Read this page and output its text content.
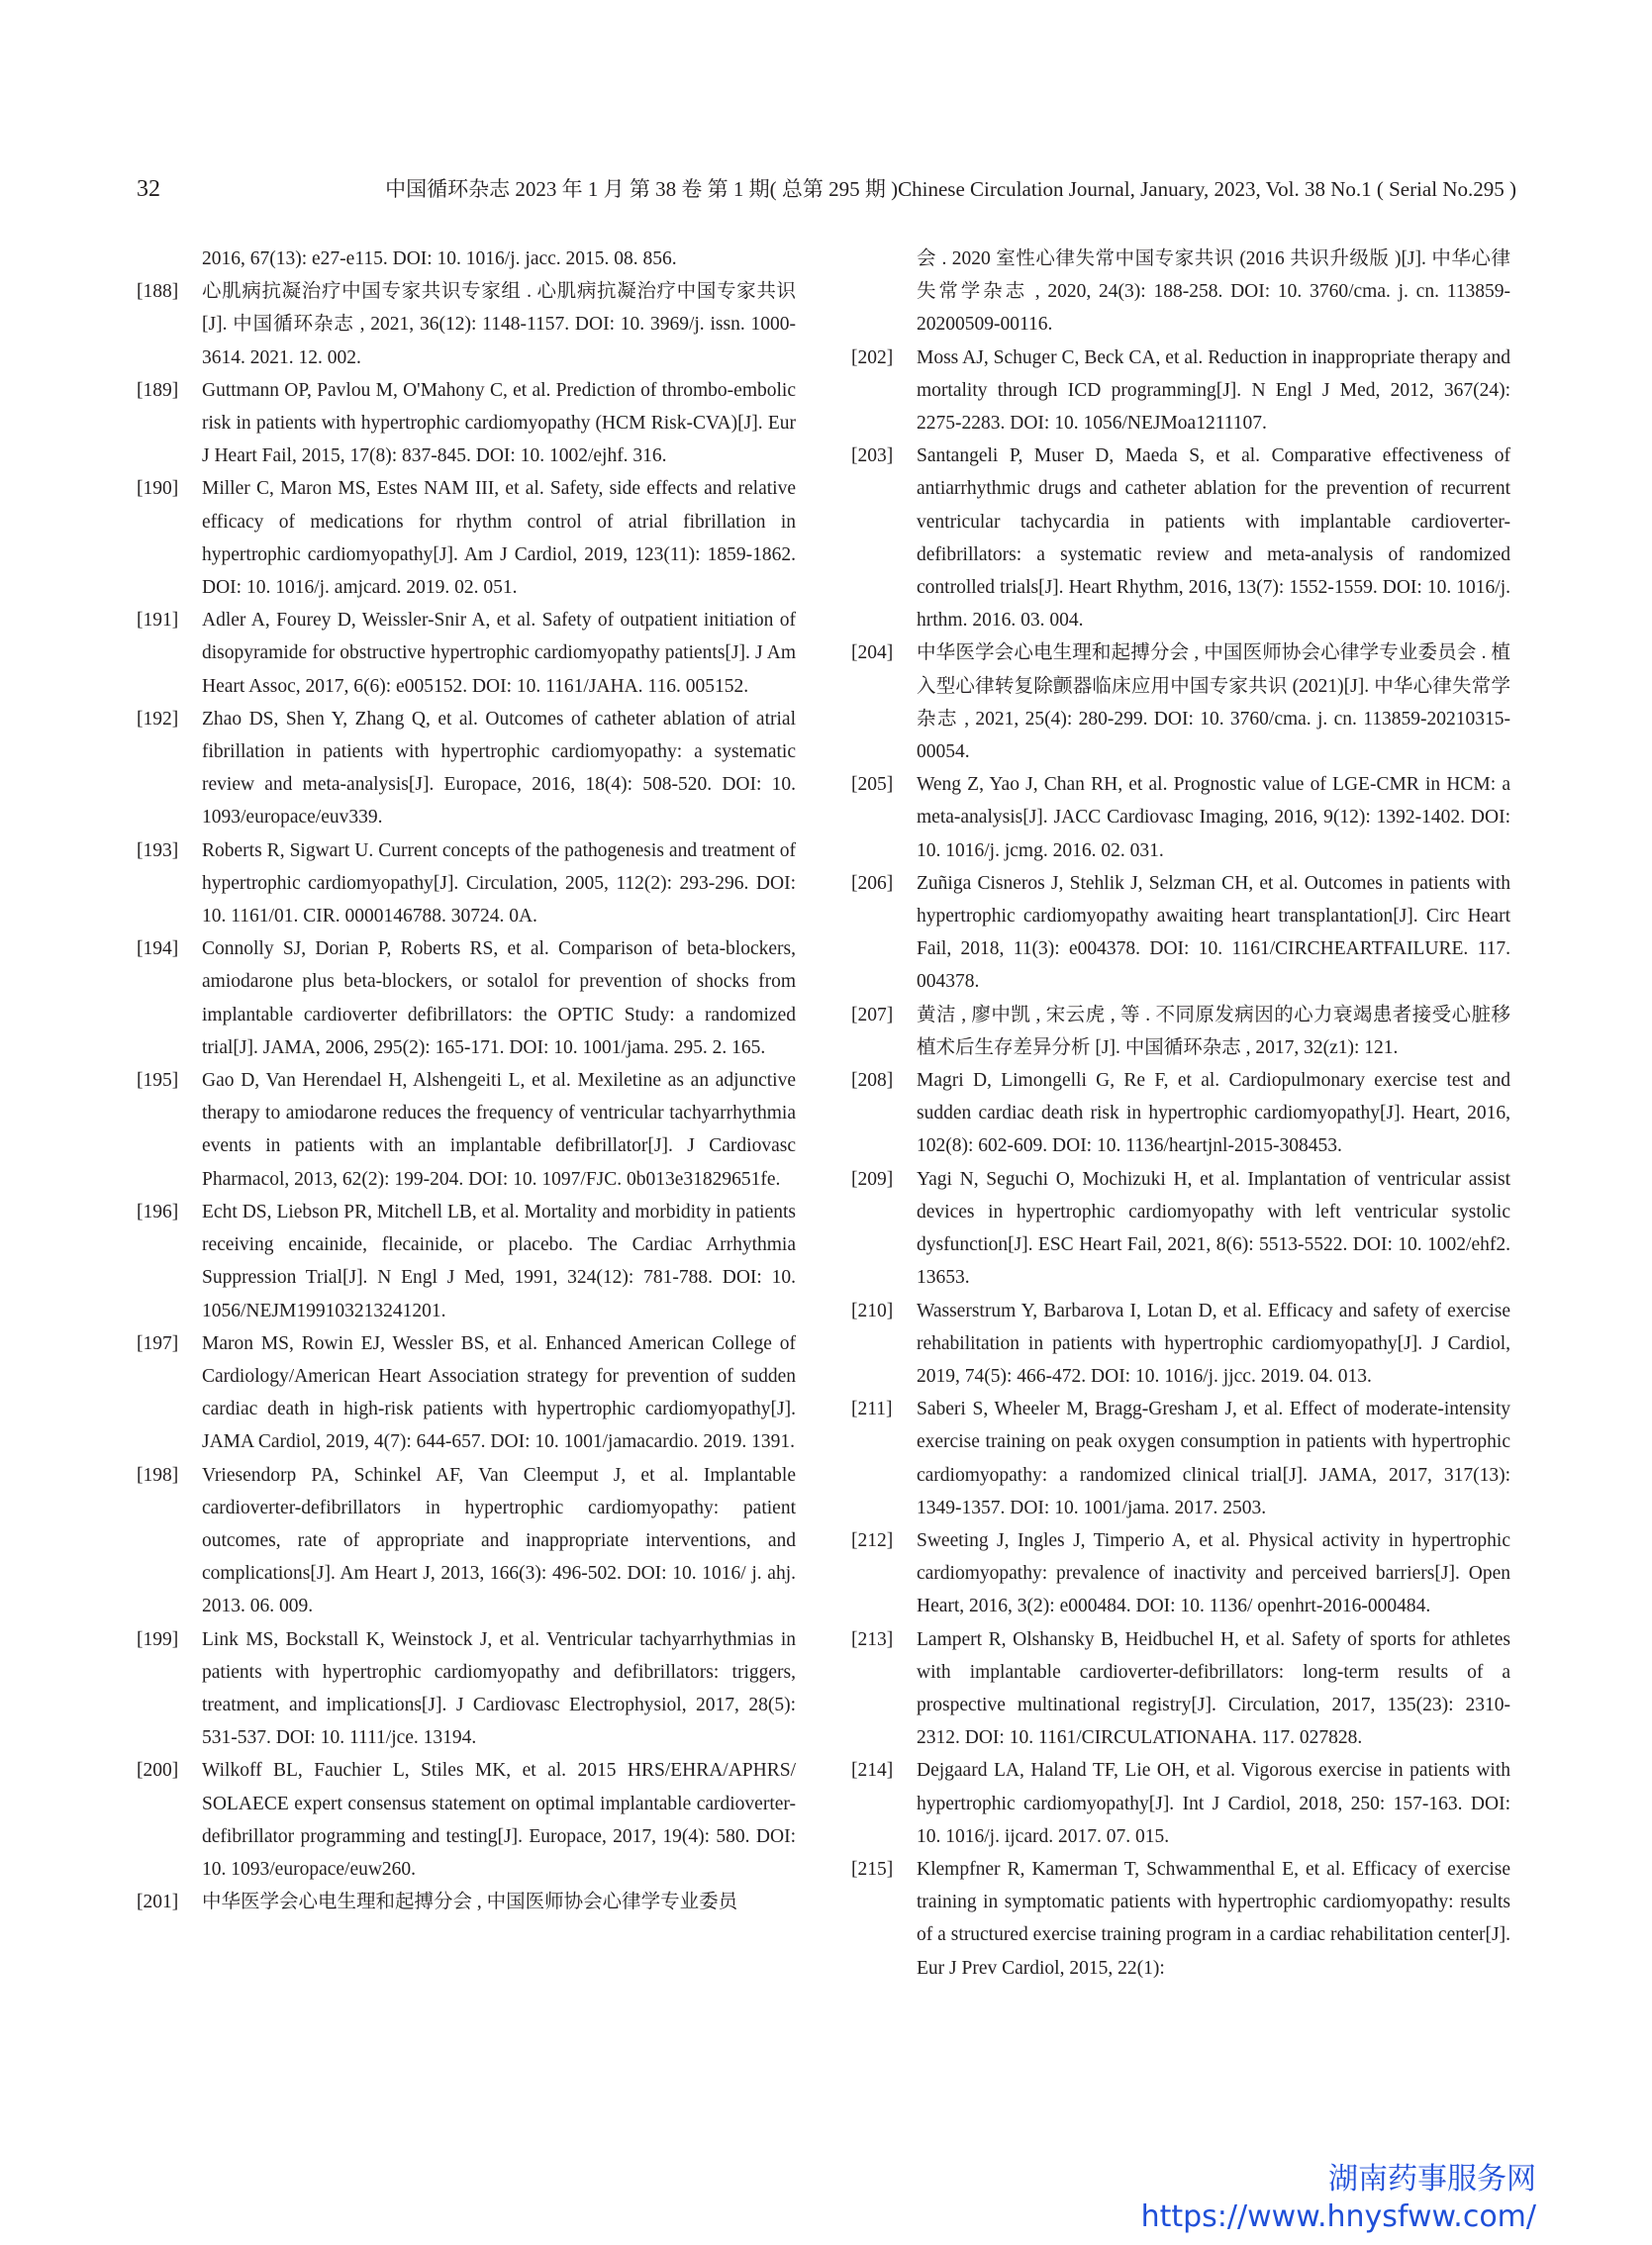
32	中国循环杂志 2023 年 1 月 第 38 卷 第 1 期( 总第 295 期 )Chinese Circulation Journal, January, 2023, Vol. 38 No.1 ( Serial No.295 )
2016, 67(13): e27-e115. DOI: 10. 1016/j. jacc. 2015. 08. 856.
[188] 心肌病抗凝治疗中国专家共识专家组 . 心肌病抗凝治疗中国专家共识 [J]. 中国循环杂志 , 2021, 36(12): 1148-1157. DOI: 10. 3969/j. issn. 1000-3614. 2021. 12. 002.
[189] Guttmann OP, Pavlou M, O'Mahony C, et al. Prediction of thrombo-embolic risk in patients with hypertrophic cardiomyopathy (HCM Risk-CVA)[J]. Eur J Heart Fail, 2015, 17(8): 837-845. DOI: 10. 1002/ejhf. 316.
[190] Miller C, Maron MS, Estes NAM III, et al. Safety, side effects and relative efficacy of medications for rhythm control of atrial fibrillation in hypertrophic cardiomyopathy[J]. Am J Cardiol, 2019, 123(11): 1859-1862. DOI: 10. 1016/j. amjcard. 2019. 02. 051.
[191] Adler A, Fourey D, Weissler-Snir A, et al. Safety of outpatient initiation of disopyramide for obstructive hypertrophic cardiomyopathy patients[J]. J Am Heart Assoc, 2017, 6(6): e005152. DOI: 10. 1161/JAHA. 116. 005152.
[192] Zhao DS, Shen Y, Zhang Q, et al. Outcomes of catheter ablation of atrial fibrillation in patients with hypertrophic cardiomyopathy: a systematic review and meta-analysis[J]. Europace, 2016, 18(4): 508-520. DOI: 10. 1093/europace/euv339.
[193] Roberts R, Sigwart U. Current concepts of the pathogenesis and treatment of hypertrophic cardiomyopathy[J]. Circulation, 2005, 112(2): 293-296. DOI: 10. 1161/01. CIR. 0000146788. 30724. 0A.
[194] Connolly SJ, Dorian P, Roberts RS, et al. Comparison of beta-blockers, amiodarone plus beta-blockers, or sotalol for prevention of shocks from implantable cardioverter defibrillators: the OPTIC Study: a randomized trial[J]. JAMA, 2006, 295(2): 165-171. DOI: 10. 1001/jama. 295. 2. 165.
[195] Gao D, Van Herendael H, Alshengeiti L, et al. Mexiletine as an adjunctive therapy to amiodarone reduces the frequency of ventricular tachyarrhythmia events in patients with an implantable defibrillator[J]. J Cardiovasc Pharmacol, 2013, 62(2): 199-204. DOI: 10. 1097/FJC. 0b013e31829651fe.
[196] Echt DS, Liebson PR, Mitchell LB, et al. Mortality and morbidity in patients receiving encainide, flecainide, or placebo. The Cardiac Arrhythmia Suppression Trial[J]. N Engl J Med, 1991, 324(12): 781-788. DOI: 10. 1056/NEJM199103213241201.
[197] Maron MS, Rowin EJ, Wessler BS, et al. Enhanced American College of Cardiology/American Heart Association strategy for prevention of sudden cardiac death in high-risk patients with hypertrophic cardiomyopathy[J]. JAMA Cardiol, 2019, 4(7): 644-657. DOI: 10. 1001/jamacardio. 2019. 1391.
[198] Vriesendorp PA, Schinkel AF, Van Cleemput J, et al. Implantable cardioverter-defibrillators in hypertrophic cardiomyopathy: patient outcomes, rate of appropriate and inappropriate interventions, and complications[J]. Am Heart J, 2013, 166(3): 496-502. DOI: 10. 1016/ j. ahj. 2013. 06. 009.
[199] Link MS, Bockstall K, Weinstock J, et al. Ventricular tachyarrhythmias in patients with hypertrophic cardiomyopathy and defibrillators: triggers, treatment, and implications[J]. J Cardiovasc Electrophysiol, 2017, 28(5): 531-537. DOI: 10. 1111/jce. 13194.
[200] Wilkoff BL, Fauchier L, Stiles MK, et al. 2015 HRS/EHRA/APHRS/ SOLAECE expert consensus statement on optimal implantable cardioverter-defibrillator programming and testing[J]. Europace, 2017, 19(4): 580. DOI: 10. 1093/europace/euw260.
[201] 中华医学会心电生理和起搏分会 , 中国医师协会心律学专业委员
会 . 2020 室性心律失常中国专家共识 (2016 共识升级版 )[J]. 中华心律失常学杂志 , 2020, 24(3): 188-258. DOI: 10. 3760/cma. j. cn. 113859-20200509-00116.
[202] Moss AJ, Schuger C, Beck CA, et al. Reduction in inappropriate therapy and mortality through ICD programming[J]. N Engl J Med, 2012, 367(24): 2275-2283. DOI: 10. 1056/NEJMoa1211107.
[203] Santangeli P, Muser D, Maeda S, et al. Comparative effectiveness of antiarrhythmic drugs and catheter ablation for the prevention of recurrent ventricular tachycardia in patients with implantable cardioverter-defibrillators: a systematic review and meta-analysis of randomized controlled trials[J]. Heart Rhythm, 2016, 13(7): 1552-1559. DOI: 10. 1016/j. hrthm. 2016. 03. 004.
[204] 中华医学会心电生理和起搏分会 , 中国医师协会心律学专业委员会 . 植入型心律转复除颤器临床应用中国专家共识 (2021)[J]. 中华心律失常学杂志 , 2021, 25(4): 280-299. DOI: 10. 3760/cma. j. cn. 113859-20210315-00054.
[205] Weng Z, Yao J, Chan RH, et al. Prognostic value of LGE-CMR in HCM: a meta-analysis[J]. JACC Cardiovasc Imaging, 2016, 9(12): 1392-1402. DOI: 10. 1016/j. jcmg. 2016. 02. 031.
[206] Zuñiga Cisneros J, Stehlik J, Selzman CH, et al. Outcomes in patients with hypertrophic cardiomyopathy awaiting heart transplantation[J]. Circ Heart Fail, 2018, 11(3): e004378. DOI: 10. 1161/CIRCHEARTFAILURE. 117. 004378.
[207] 黄洁 , 廖中凯 , 宋云虎 , 等 . 不同原发病因的心力衰竭患者接受心脏移植术后生存差异分析 [J]. 中国循环杂志 , 2017, 32(z1): 121.
[208] Magri D, Limongelli G, Re F, et al. Cardiopulmonary exercise test and sudden cardiac death risk in hypertrophic cardiomyopathy[J]. Heart, 2016, 102(8): 602-609. DOI: 10. 1136/heartjnl-2015-308453.
[209] Yagi N, Seguchi O, Mochizuki H, et al. Implantation of ventricular assist devices in hypertrophic cardiomyopathy with left ventricular systolic dysfunction[J]. ESC Heart Fail, 2021, 8(6): 5513-5522. DOI: 10. 1002/ehf2. 13653.
[210] Wasserstrum Y, Barbarova I, Lotan D, et al. Efficacy and safety of exercise rehabilitation in patients with hypertrophic cardiomyopathy[J]. J Cardiol, 2019, 74(5): 466-472. DOI: 10. 1016/j. jjcc. 2019. 04. 013.
[211] Saberi S, Wheeler M, Bragg-Gresham J, et al. Effect of moderate-intensity exercise training on peak oxygen consumption in patients with hypertrophic cardiomyopathy: a randomized clinical trial[J]. JAMA, 2017, 317(13): 1349-1357. DOI: 10. 1001/jama. 2017. 2503.
[212] Sweeting J, Ingles J, Timperio A, et al. Physical activity in hypertrophic cardiomyopathy: prevalence of inactivity and perceived barriers[J]. Open Heart, 2016, 3(2): e000484. DOI: 10. 1136/ openhrt-2016-000484.
[213] Lampert R, Olshansky B, Heidbuchel H, et al. Safety of sports for athletes with implantable cardioverter-defibrillators: long-term results of a prospective multinational registry[J]. Circulation, 2017, 135(23): 2310-2312. DOI: 10. 1161/CIRCULATIONAHA. 117. 027828.
[214] Dejgaard LA, Haland TF, Lie OH, et al. Vigorous exercise in patients with hypertrophic cardiomyopathy[J]. Int J Cardiol, 2018, 250: 157-163. DOI: 10. 1016/j. ijcard. 2017. 07. 015.
[215] Klempfner R, Kamerman T, Schwammenthal E, et al. Efficacy of exercise training in symptomatic patients with hypertrophic cardiomyopathy: results of a structured exercise training program in a cardiac rehabilitation center[J]. Eur J Prev Cardiol, 2015, 22(1):
湖南药事服务网
https://www.hnysfww.com/
